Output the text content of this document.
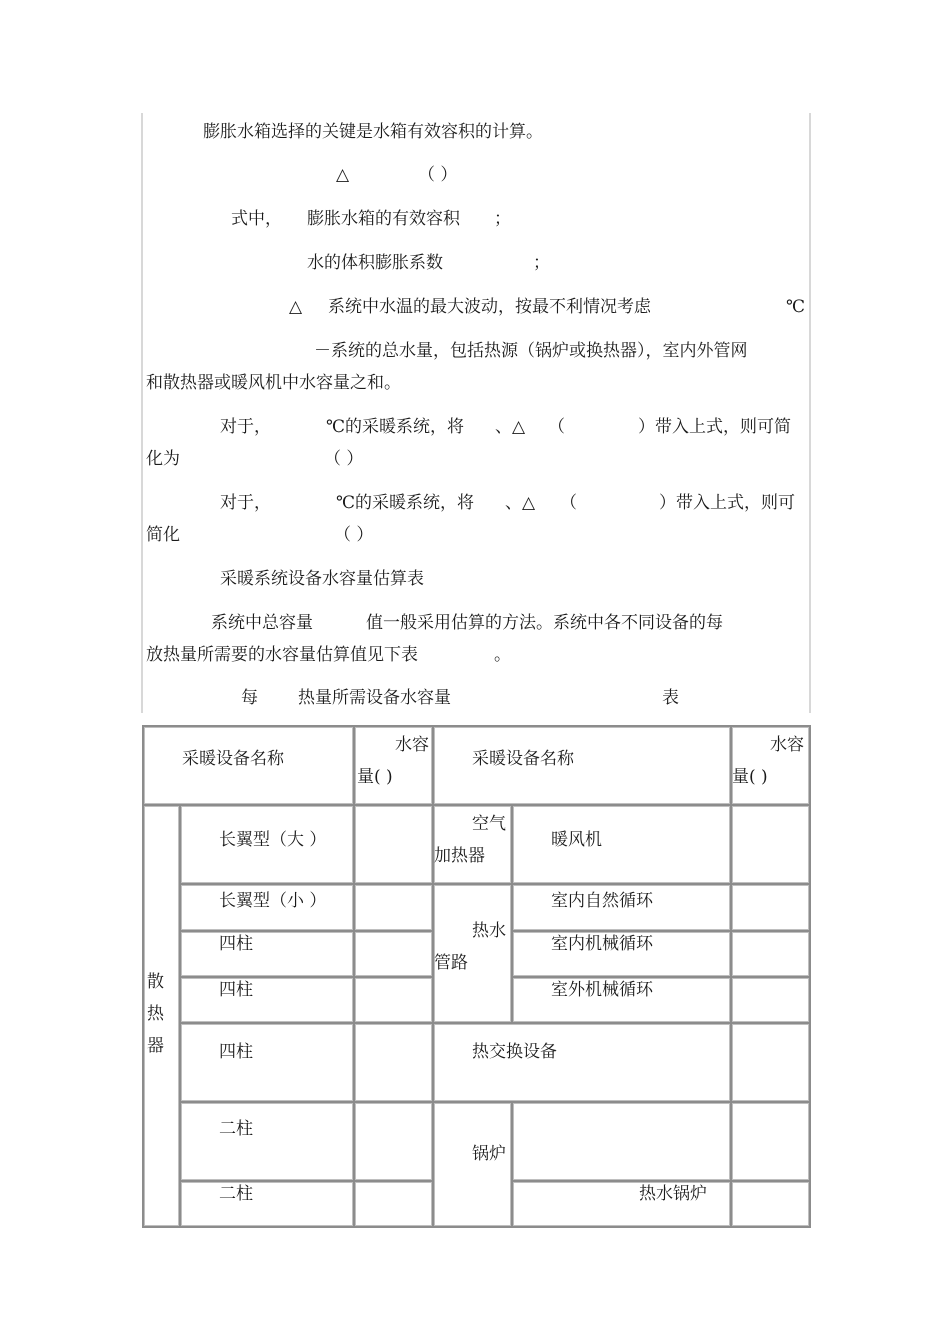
膨胀水箱选择的关键是水箱有效容积的计算。
△	（ ）
式中， 膨胀水箱的有效容积 ；
水的体积膨胀系数	；
△ 系统中水温的最大波动，按最不利情况考虑	℃
－系统的总水量，包括热源（锅炉或换热器），室内外管网
和散热器或暖风机中水容量之和。
对于，	℃的采暖系统，将 、△ （	）带入上式，则可简
化为	（ ）
对于，	℃的采暖系统，将 、△ （	）带入上式，则可
简化	（ ）
采暖系统设备水容量估算表
系统中总容量	值一般采用估算的方法。系统中各不同设备的每
放热量所需要的水容量估算值见下表	。
每 热量所需设备水容量	表
采暖设备名称		水容
量( )	采暖设备名称		水容
量( )

散热器	长翼型（大 ）		空气
加热器	暖风机	

	长翼型（小 ）		热水
管路	室内自然循环	

	四柱			室内机械循环	

	四柱			室外机械循环	

	四柱		热交换设备		

	二柱		锅炉		

	二柱			热水锅炉	
